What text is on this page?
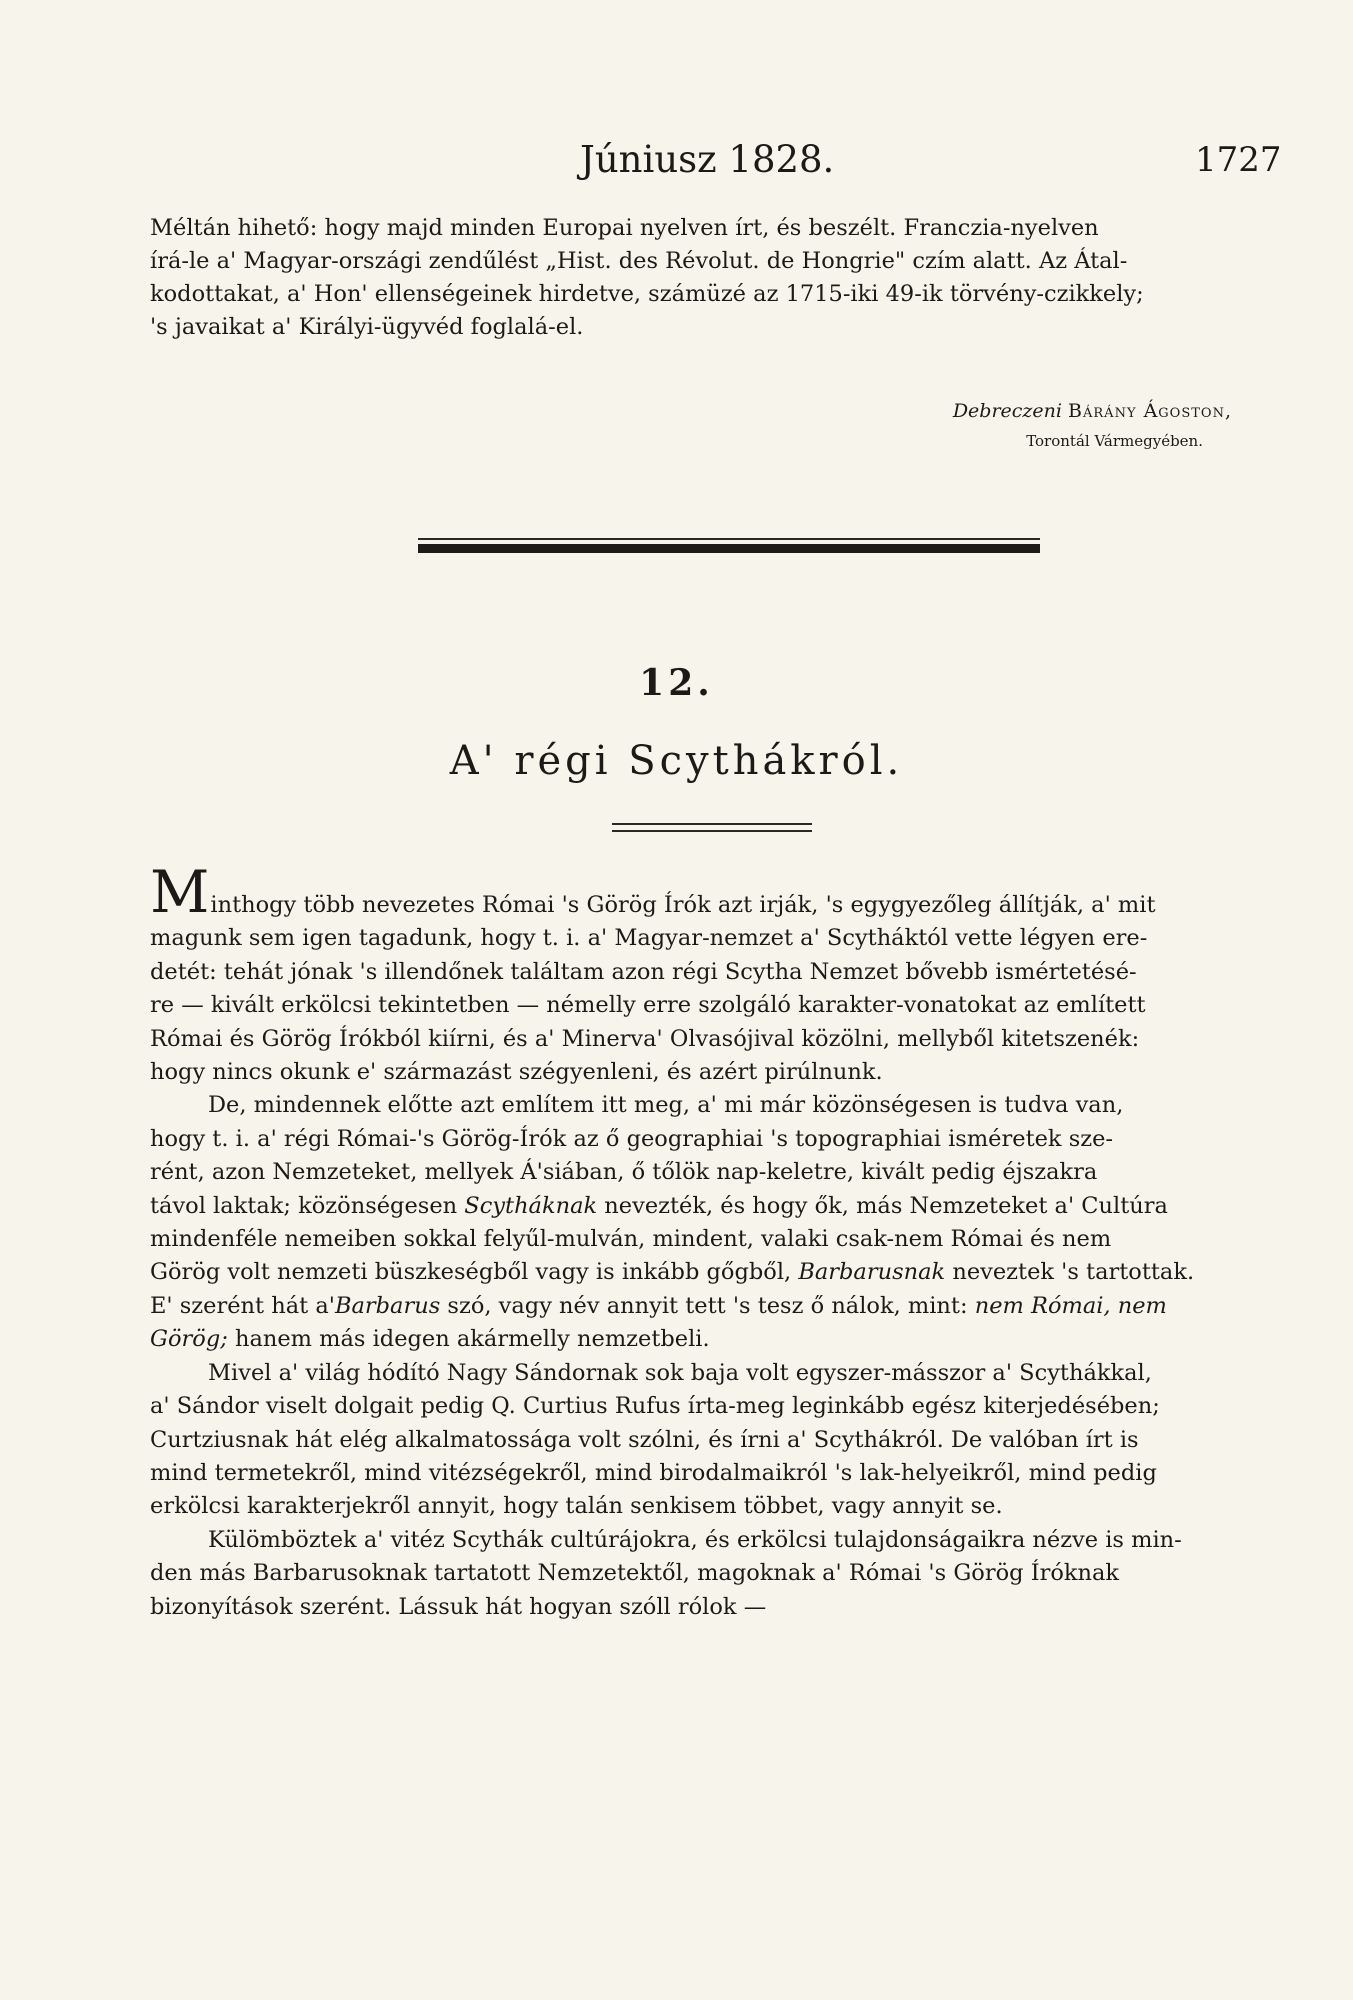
Júniusz 1828.	1727
Méltán hihető: hogy majd minden Europai nyelven írt, és beszélt. Franczia-nyelven
írá-le a' Magyar-országi zendűlést „Hist. des Révolut. de Hongrie" czím alatt. Az Átal-
kodottakat, a' Hon' ellenségeinek hirdetve, számüzé az 1715-iki 49-ik törvény-czikkely;
's javaikat a' Királyi-ügyvéd foglalá-el.
Debreczeni Bárány Ágoston,
Torontál Vármegyében.
12.
A' régi Scythákról.
Minthogy több nevezetes Római 's Görög Írók azt irják, 's egygyezőleg állítják, a' mit
magunk sem igen tagadunk, hogy t. i. a' Magyar-nemzet a' Scytháktól vette légyen ere-
detét: tehát jónak 's illendőnek találtam azon régi Scytha Nemzet bővebb ismértetésé-
re — kivált erkölcsi tekintetben — némelly erre szolgáló karakter-vonatokat az említett
Római és Görög Írókból kiírni, és a' Minerva' Olvasójival közölni, mellyből kitetszenék:
hogy nincs okunk e' származást szégyenleni, és azért pirúlnunk.
De, mindennek előtte azt említem itt meg, a' mi már közönségesen is tudva van,
hogy t. i. a' régi Római-'s Görög-Írók az ő geographiai 's topographiai isméretek sze-
rént, azon Nemzeteket, mellyek Á'siában, ő tőlök nap-keletre, kivált pedig éjszakra
távol laktak; közönségesen Scytháknak nevezték, és hogy ők, más Nemzeteket a' Cultúra
mindenféle nemeiben sokkal felyűl-mulván, mindent, valaki csak-nem Római és nem
Görög volt nemzeti büszkeségből vagy is inkább gőgből, Barbarusnak neveztek 's tartottak.
E' szerént hát a'Barbarus szó, vagy név annyit tett 's tesz ő nálok, mint: nem Római, nem
Görög; hanem más idegen akármelly nemzetbeli.
Mivel a' világ hódító Nagy Sándornak sok baja volt egyszer-másszor a' Scythákkal,
a' Sándor viselt dolgait pedig Q. Curtius Rufus írta-meg leginkább egész kiterjedésében;
Curtziusnak hát elég alkalmatossága volt szólni, és írni a' Scythákról. De valóban írt is
mind termetekről, mind vitézségekről, mind birodalmaikról 's lak-helyeikről, mind pedig
erkölcsi karakterjekről annyit, hogy talán senkisem többet, vagy annyit se.
Külömböztek a' vitéz Scythák cultúrájokra, és erkölcsi tulajdonságaikra nézve is min-
den más Barbarusoknak tartatott Nemzetektől, magoknak a' Római 's Görög Íróknak
bizonyítások szerént. Lássuk hát hogyan szóll rólok —
